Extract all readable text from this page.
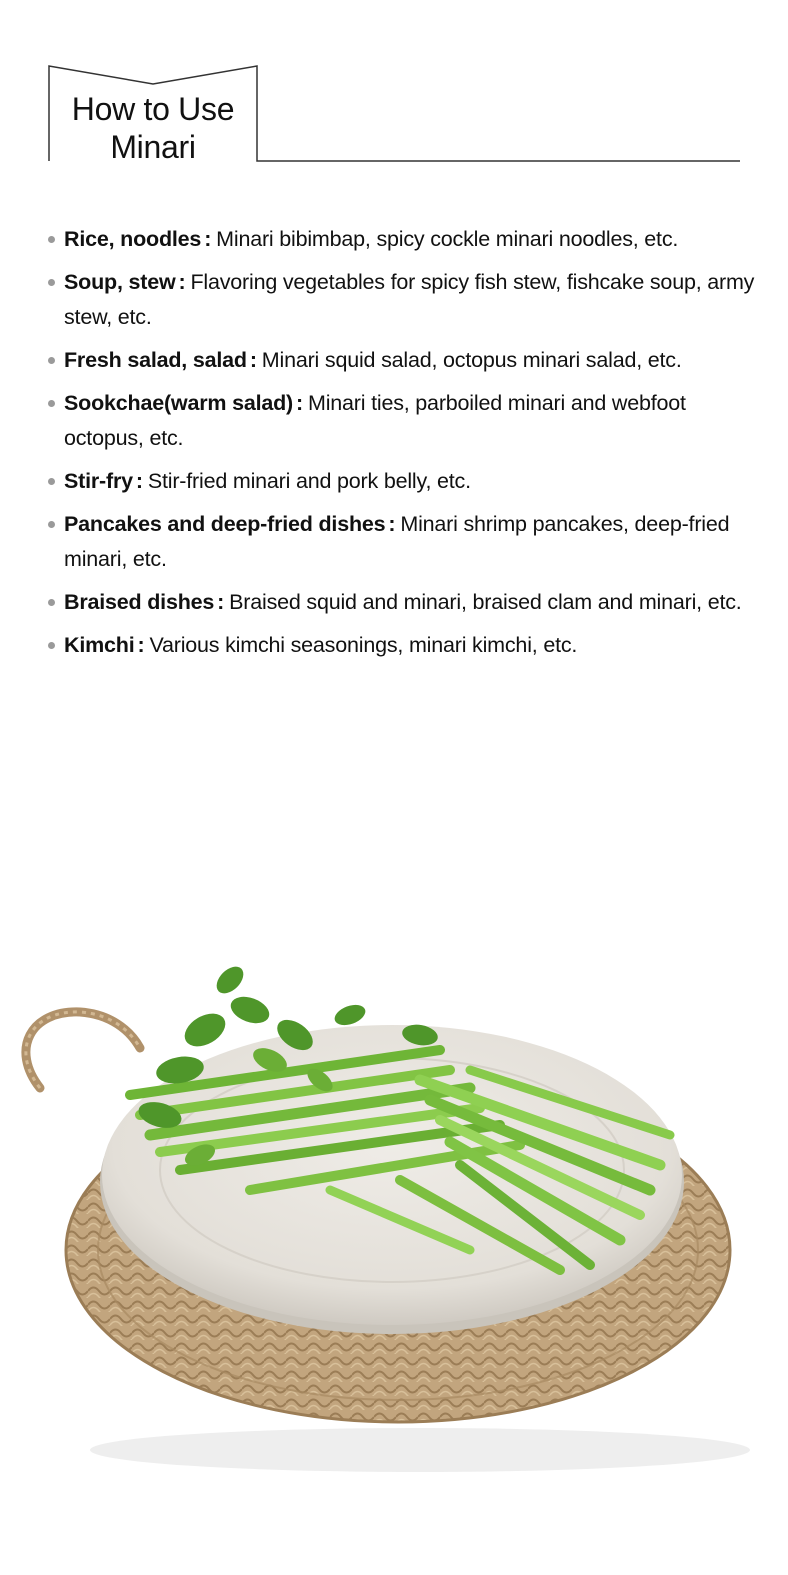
How to Use
Minari
Rice, noodles : Minari bibimbap, spicy cockle minari noodles, etc.
Soup, stew : Flavoring vegetables for spicy fish stew, fishcake soup, army stew, etc.
Fresh salad, salad : Minari squid salad, octopus minari salad, etc.
Sookchae(warm salad) : Minari ties, parboiled minari and webfoot octopus, etc.
Stir-fry : Stir-fried minari and pork belly, etc.
Pancakes and deep-fried dishes : Minari shrimp pancakes, deep-fried minari, etc.
Braised dishes : Braised squid and minari, braised clam and minari, etc.
Kimchi : Various kimchi seasonings, minari kimchi, etc.
